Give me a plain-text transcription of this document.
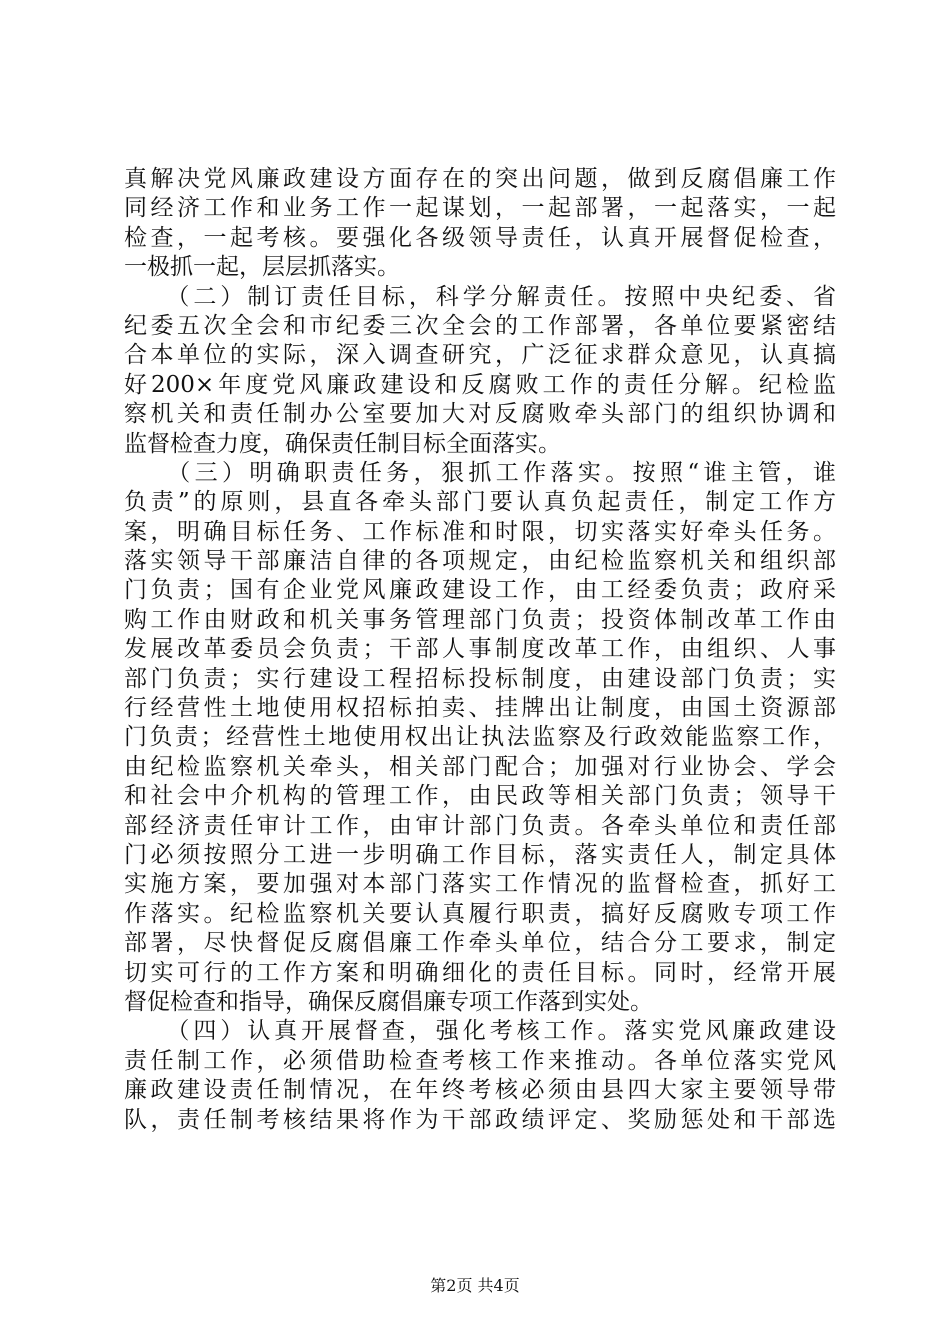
真解决党风廉政建设方面存在的突出问题，做到反腐倡廉工作
同经济工作和业务工作一起谋划，一起部署，一起落实，一起
检查，一起考核。要强化各级领导责任，认真开展督促检查，
一极抓一起，层层抓落实。
　　（二）制订责任目标，科学分解责任。按照中央纪委、省
纪委五次全会和市纪委三次全会的工作部署，各单位要紧密结
合本单位的实际，深入调查研究，广泛征求群众意见，认真搞
好200×年度党风廉政建设和反腐败工作的责任分解。纪检监
察机关和责任制办公室要加大对反腐败牵头部门的组织协调和
监督检查力度，确保责任制目标全面落实。
　　（三）明确职责任务，狠抓工作落实。按照“谁主管，谁
负责”的原则，县直各牵头部门要认真负起责任，制定工作方
案，明确目标任务、工作标准和时限，切实落实好牵头任务。
落实领导干部廉洁自律的各项规定，由纪检监察机关和组织部
门负责；国有企业党风廉政建设工作，由工经委负责；政府采
购工作由财政和机关事务管理部门负责；投资体制改革工作由
发展改革委员会负责；干部人事制度改革工作，由组织、人事
部门负责；实行建设工程招标投标制度，由建设部门负责；实
行经营性土地使用权招标拍卖、挂牌出让制度，由国土资源部
门负责；经营性土地使用权出让执法监察及行政效能监察工作，
由纪检监察机关牵头，相关部门配合；加强对行业协会、学会
和社会中介机构的管理工作，由民政等相关部门负责；领导干
部经济责任审计工作，由审计部门负责。各牵头单位和责任部
门必须按照分工进一步明确工作目标，落实责任人，制定具体
实施方案，要加强对本部门落实工作情况的监督检查，抓好工
作落实。纪检监察机关要认真履行职责，搞好反腐败专项工作
部署，尽快督促反腐倡廉工作牵头单位，结合分工要求，制定
切实可行的工作方案和明确细化的责任目标。同时，经常开展
督促检查和指导，确保反腐倡廉专项工作落到实处。
　　（四）认真开展督查，强化考核工作。落实党风廉政建设
责任制工作，必须借助检查考核工作来推动。各单位落实党风
廉政建设责任制情况，在年终考核必须由县四大家主要领导带
队，责任制考核结果将作为干部政绩评定、奖励惩处和干部选
第2页 共4页
